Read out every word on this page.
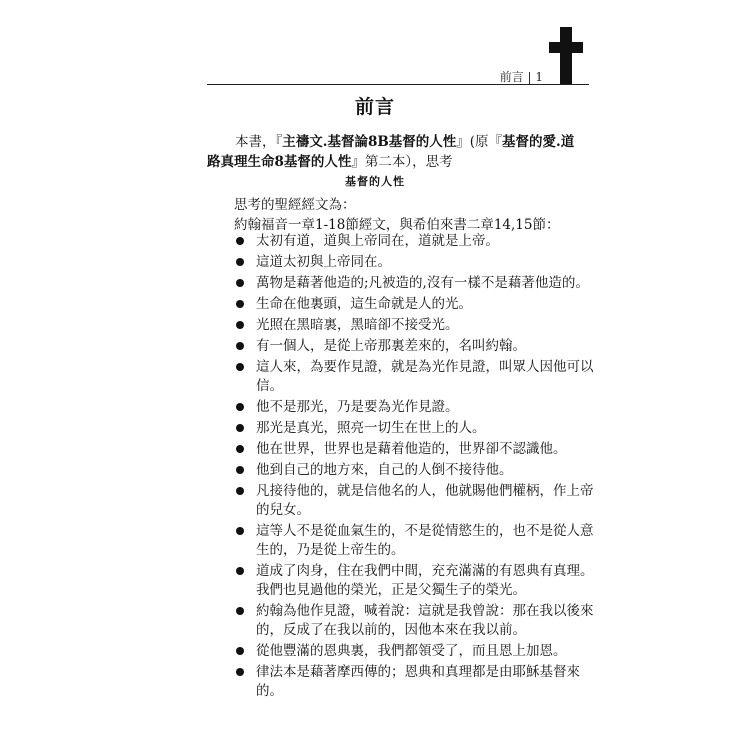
前言 | 1
前言
本書，『主禱文.基督論8B基督的人性』(原『基督的愛.道路真理生命8基督的人性』第二本），思考
基督的人性
思考的聖經經文為：
約翰福音一章1-18節經文，與希伯來書二章14,15節：
太初有道，道與上帝同在，道就是上帝。
這道太初與上帝同在。
萬物是藉著他造的;凡被造的,沒有一樣不是藉著他造的。
生命在他裏頭，這生命就是人的光。
光照在黑暗裏，黑暗卻不接受光。
有一個人，是從上帝那裏差來的，名叫約翰。
這人來，為要作見證，就是為光作見證，叫眾人因他可以信。
他不是那光，乃是要為光作見證。
那光是真光，照亮一切生在世上的人。
他在世界，世界也是藉着他造的，世界卻不認識他。
他到自己的地方來，自己的人倒不接待他。
凡接待他的，就是信他名的人，他就賜他們權柄，作上帝的兒女。
這等人不是從血氣生的，不是從情慾生的，也不是從人意生的，乃是從上帝生的。
道成了肉身，住在我們中間，充充滿滿的有恩典有真理。我們也見過他的榮光，正是父獨生子的榮光。
約翰為他作見證，喊着說：這就是我曾說：那在我以後來的，反成了在我以前的，因他本來在我以前。
從他豐滿的恩典裏，我們都領受了，而且恩上加恩。
律法本是藉著摩西傳的；恩典和真理都是由耶穌基督來的。
